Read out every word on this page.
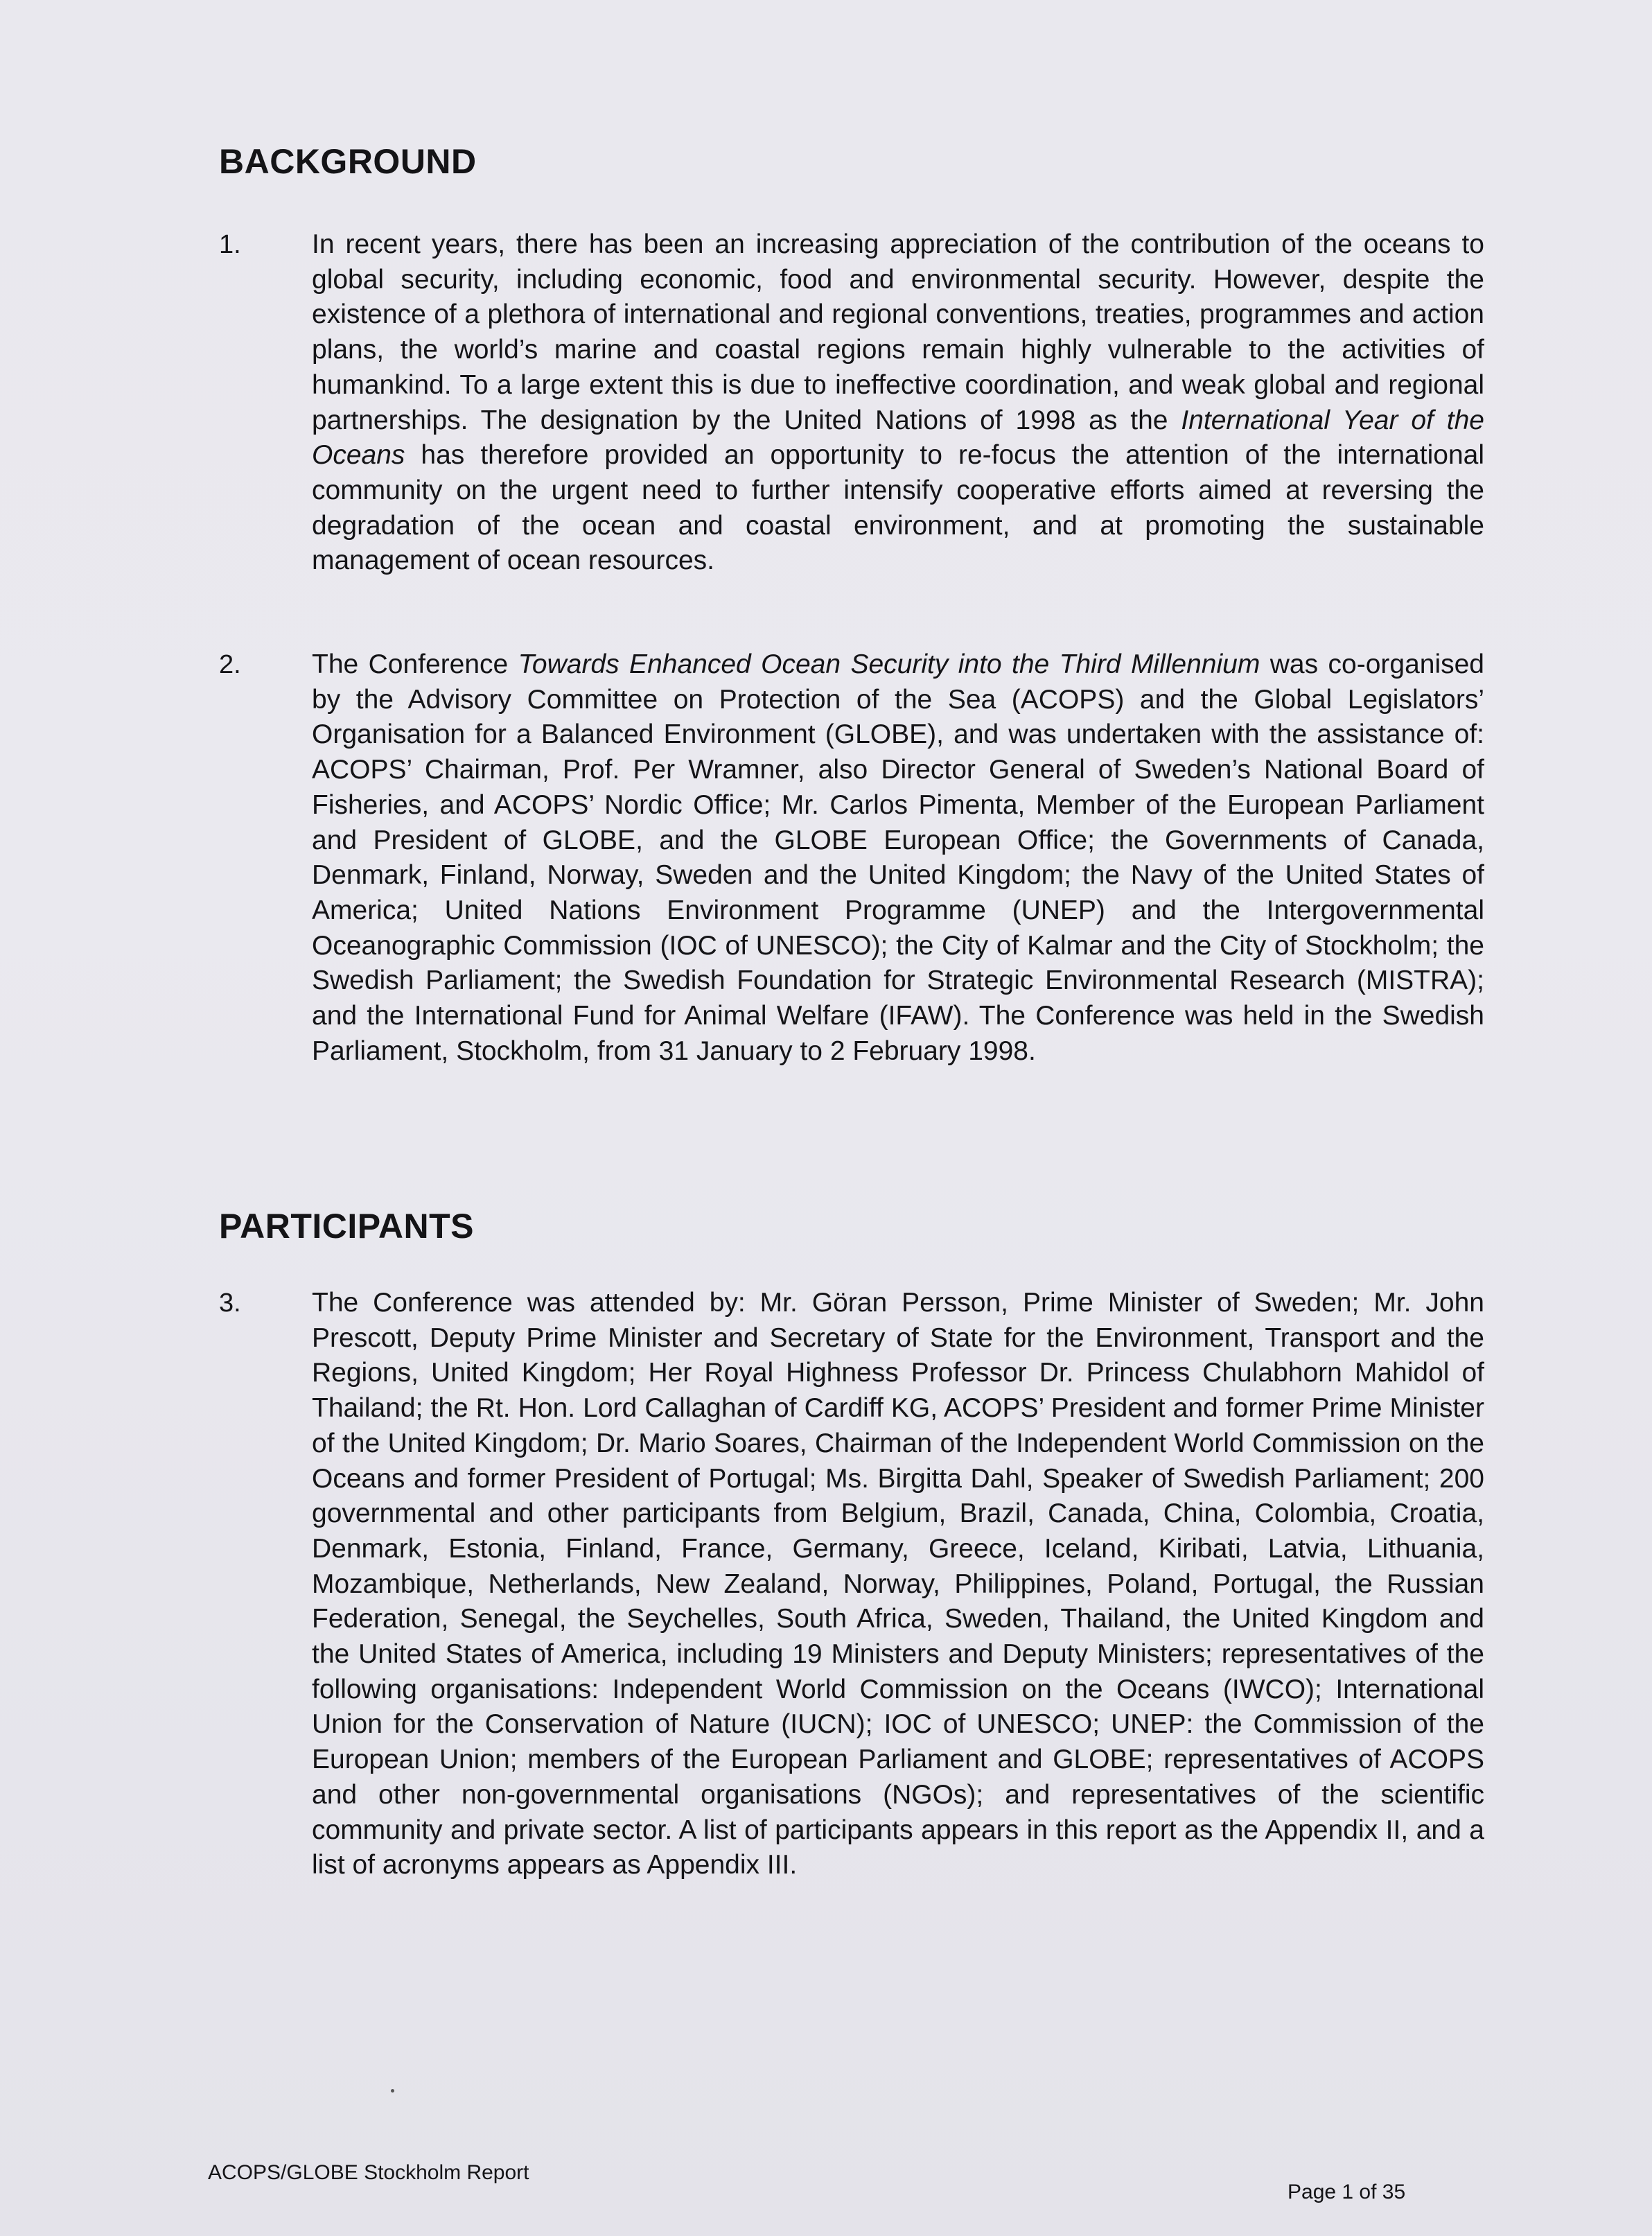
BACKGROUND
1.	In recent years, there has been an increasing appreciation of the contribution of the oceans to global security, including economic, food and environmental security. However, despite the existence of a plethora of international and regional conventions, treaties, programmes and action plans, the world’s marine and coastal regions remain highly vulnerable to the activities of humankind. To a large extent this is due to ineffective coordination, and weak global and regional partnerships. The designation by the United Nations of 1998 as the International Year of the Oceans has therefore provided an opportunity to re-focus the attention of the international community on the urgent need to further intensify cooperative efforts aimed at reversing the degradation of the ocean and coastal environment, and at promoting the sustainable management of ocean resources.

2.	The Conference Towards Enhanced Ocean Security into the Third Millennium was co-organised by the Advisory Committee on Protection of the Sea (ACOPS) and the Global Legislators’ Organisation for a Balanced Environment (GLOBE), and was undertaken with the assistance of: ACOPS’ Chairman, Prof. Per Wramner, also Director General of Sweden’s National Board of Fisheries, and ACOPS’ Nordic Office; Mr. Carlos Pimenta, Member of the European Parliament and President of GLOBE, and the GLOBE European Office; the Governments of Canada, Denmark, Finland, Norway, Sweden and the United Kingdom; the Navy of the United States of America; United Nations Environment Programme (UNEP) and the Intergovernmental Oceanographic Commission (IOC of UNESCO); the City of Kalmar and the City of Stockholm; the Swedish Parliament; the Swedish Foundation for Strategic Environmental Research (MISTRA); and the International Fund for Animal Welfare (IFAW). The Conference was held in the Swedish Parliament, Stockholm, from 31 January to 2 February 1998.

PARTICIPANTS
3.	The Conference was attended by: Mr. Göran Persson, Prime Minister of Sweden; Mr. John Prescott, Deputy Prime Minister and Secretary of State for the Environment, Transport and the Regions, United Kingdom; Her Royal Highness Professor Dr. Princess Chulabhorn Mahidol of Thailand; the Rt. Hon. Lord Callaghan of Cardiff KG, ACOPS’ President and former Prime Minister of the United Kingdom; Dr. Mario Soares, Chairman of the Independent World Commission on the Oceans and former President of Portugal; Ms. Birgitta Dahl, Speaker of Swedish Parliament; 200 governmental and other participants from Belgium, Brazil, Canada, China, Colombia, Croatia, Denmark, Estonia, Finland, France, Germany, Greece, Iceland, Kiribati, Latvia, Lithuania, Mozambique, Netherlands, New Zealand, Norway, Philippines, Poland, Portugal, the Russian Federation, Senegal, the Seychelles, South Africa, Sweden, Thailand, the United Kingdom and the United States of America, including 19 Ministers and Deputy Ministers; representatives of the following organisations: Independent World Commission on the Oceans (IWCO); International Union for the Conservation of Nature (IUCN); IOC of UNESCO; UNEP: the Commission of the European Union; members of the European Parliament and GLOBE; representatives of ACOPS and other non-governmental organisations (NGOs); and representatives of the scientific community and private sector. A list of participants appears in this report as the Appendix II, and a list of acronyms appears as Appendix III.

ACOPS/GLOBE Stockholm Report
Page 1 of 35
